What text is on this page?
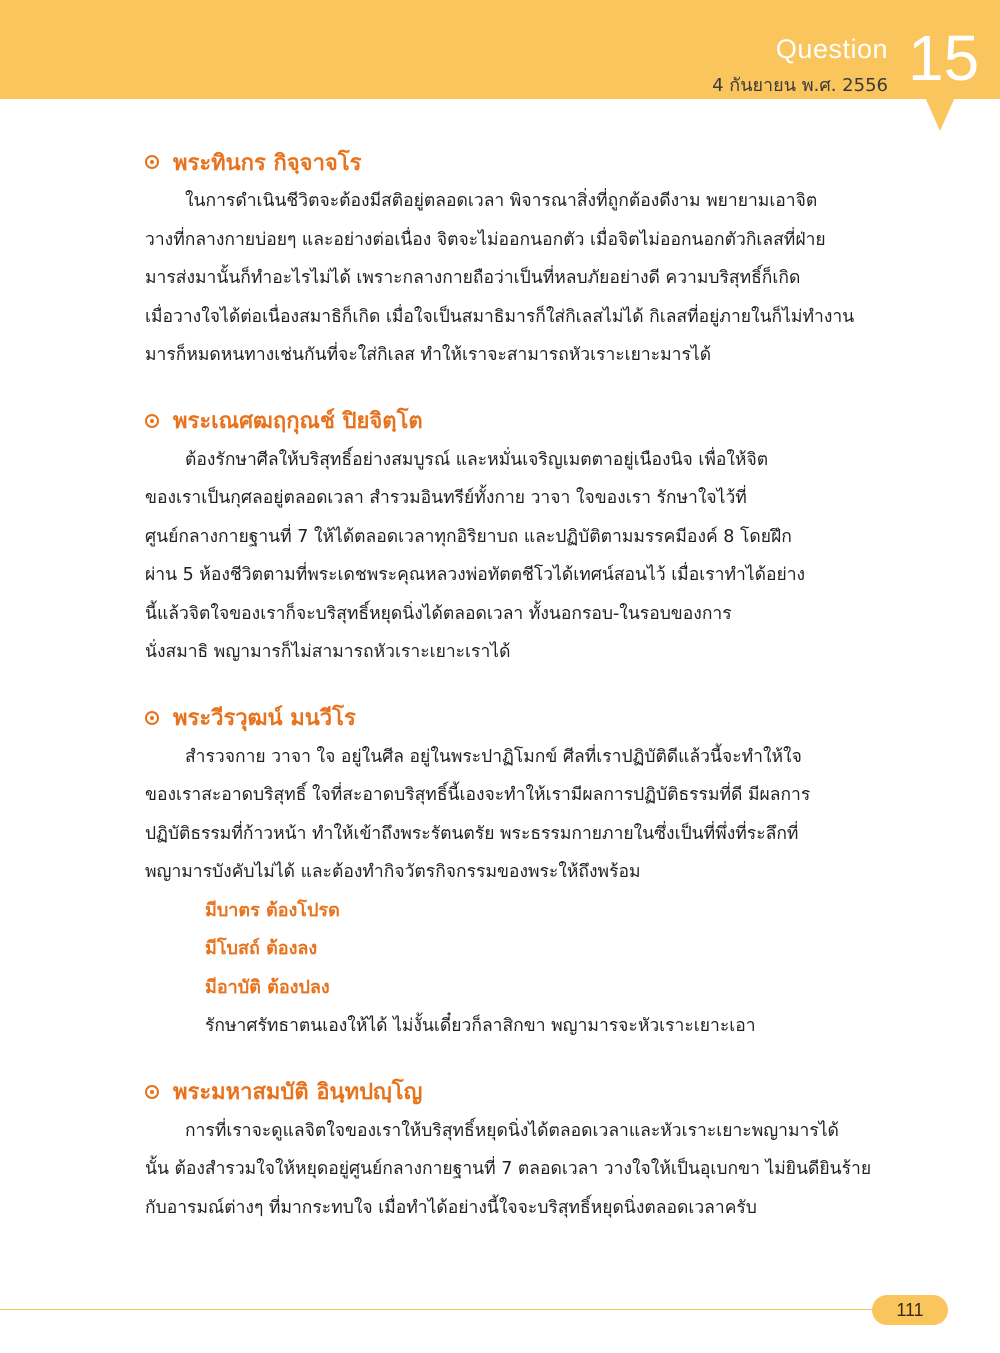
Question
4 กันยายน พ.ศ. 2556 15
พระทินกร กิจฺจาจโร

ในการดำเนินชีวิตจะต้องมีสติอยู่ตลอดเวลา พิจารณาสิ่งที่ถูกต้องดีงาม พยายามเอาจิต
วางที่กลางกายบ่อยๆ และอย่างต่อเนื่อง จิตจะไม่ออกนอกตัว เมื่อจิตไม่ออกนอกตัวกิเลสที่ฝ่าย
มารส่งมานั้นก็ทำอะไรไม่ได้ เพราะกลางกายถือว่าเป็นที่หลบภัยอย่างดี ความบริสุทธิ์ก็เกิด
เมื่อวางใจได้ต่อเนื่องสมาธิก็เกิด เมื่อใจเป็นสมาธิมารก็ใส่กิเลสไม่ได้ กิเลสที่อยู่ภายในก็ไม่ทำงาน
มารก็หมดหนทางเช่นกันที่จะใส่กิเลส ทำให้เราจะสามารถหัวเราะเยาะมารได้

พระเณศฒฤกุณช์ ปิยจิตฺโต

ต้องรักษาศีลให้บริสุทธิ์อย่างสมบูรณ์ และหมั่นเจริญเมตตาอยู่เนืองนิจ เพื่อให้จิต
ของเราเป็นกุศลอยู่ตลอดเวลา สำรวมอินทรีย์ทั้งกาย วาจา ใจของเรา รักษาใจไว้ที่
ศูนย์กลางกายฐานที่ 7 ให้ได้ตลอดเวลาทุกอิริยาบถ และปฏิบัติตามมรรคมีองค์ 8 โดยฝึก
ผ่าน 5 ห้องชีวิตตามที่พระเดชพระคุณหลวงพ่อทัตตชีโวได้เทศน์สอนไว้ เมื่อเราทำได้อย่าง
นี้แล้วจิตใจของเราก็จะบริสุทธิ์หยุดนิ่งได้ตลอดเวลา ทั้งนอกรอบ-ในรอบของการ
นั่งสมาธิ พญามารก็ไม่สามารถหัวเราะเยาะเราได้

พระวีรวุฒน์ มนวีโร

สำรวจกาย วาจา ใจ อยู่ในศีล อยู่ในพระปาฏิโมกข์ ศีลที่เราปฏิบัติดีแล้วนี้จะทำให้ใจ
ของเราสะอาดบริสุทธิ์ ใจที่สะอาดบริสุทธิ์นี้เองจะทำให้เรามีผลการปฏิบัติธรรมที่ดี มีผลการ
ปฏิบัติธรรมที่ก้าวหน้า ทำให้เข้าถึงพระรัตนตรัย พระธรรมกายภายในซึ่งเป็นที่พึ่งที่ระลึกที่
พญามารบังคับไม่ได้ และต้องทำกิจวัตรกิจกรรมของพระให้ถึงพร้อม

มีบาตร ต้องโปรด
มีโบสถ์ ต้องลง
มีอาบัติ ต้องปลง
รักษาศรัทธาตนเองให้ได้ ไม่งั้นเดี๋ยวก็ลาสิกขา พญามารจะหัวเราะเยาะเอา
พระมหาสมบัติ อินฺทปญฺโญ

การที่เราจะดูแลจิตใจของเราให้บริสุทธิ์หยุดนิ่งได้ตลอดเวลาและหัวเราะเยาะพญามารได้
นั้น ต้องสำรวมใจให้หยุดอยู่ศูนย์กลางกายฐานที่ 7 ตลอดเวลา วางใจให้เป็นอุเบกขา ไม่ยินดียินร้าย
กับอารมณ์ต่างๆ ที่มากระทบใจ เมื่อทำได้อย่างนี้ใจจะบริสุทธิ์หยุดนิ่งตลอดเวลาครับ

111
